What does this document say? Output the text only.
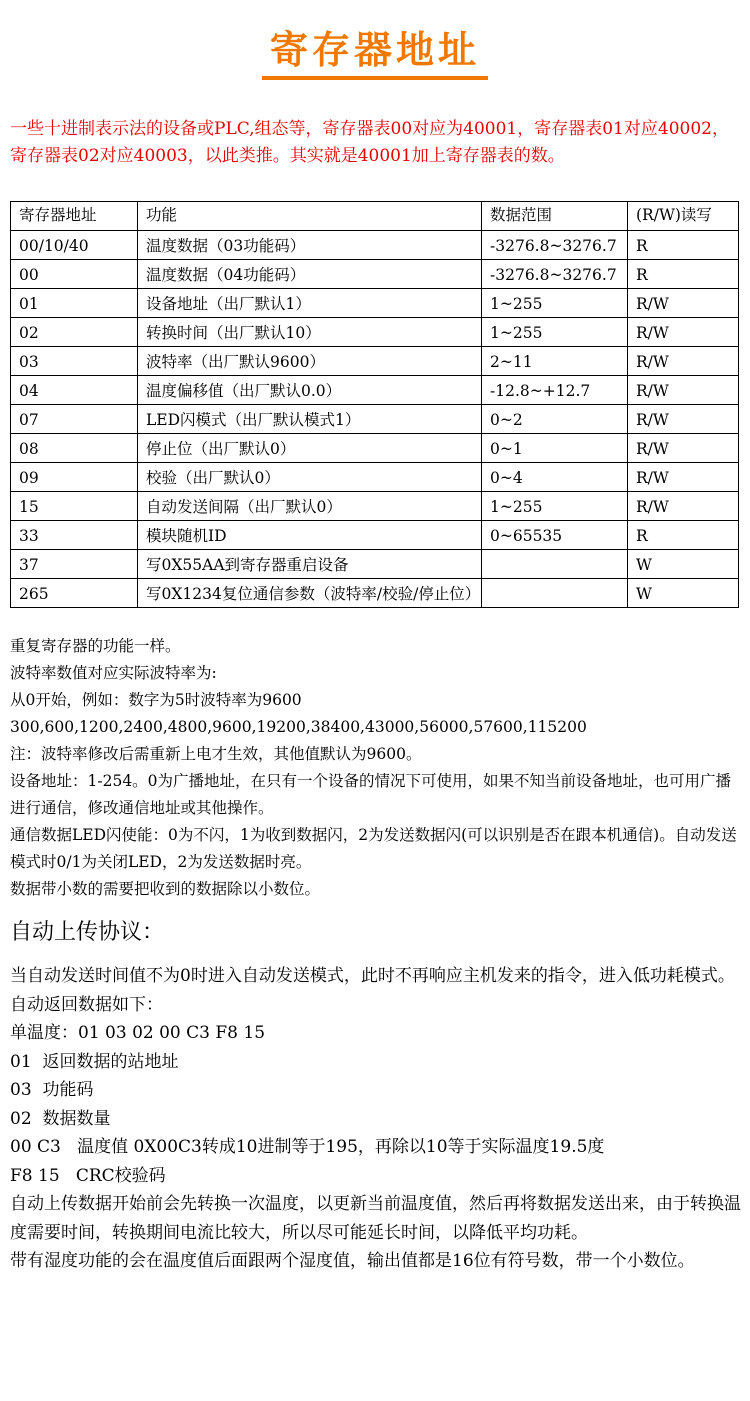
寄存器地址

一些十进制表示法的设备或PLC,组态等，寄存器表00对应为40001，寄存器表01对应40002，寄存器表02对应40003，以此类推。其实就是40001加上寄存器表的数。

寄存器地址	功能	数据范围	(R/W)读写
00/10/40	温度数据（03功能码）	-3276.8~3276.7	R
00	温度数据（04功能码）	-3276.8~3276.7	R
01	设备地址（出厂默认1）	1~255	R/W
02	转换时间（出厂默认10）	1~255	R/W
03	波特率（出厂默认9600）	2~11	R/W
04	温度偏移值（出厂默认0.0）	-12.8~+12.7	R/W
07	LED闪模式（出厂默认模式1）	0~2	R/W
08	停止位（出厂默认0）	0~1	R/W
09	校验（出厂默认0）	0~4	R/W
15	自动发送间隔（出厂默认0）	1~255	R/W
33	模块随机ID	0~65535	R
37	写0X55AA到寄存器重启设备		W
265	写0X1234复位通信参数（波特率/校验/停止位）		W

重复寄存器的功能一样。

波特率数值对应实际波特率为:

从0开始，例如：数字为5时波特率为9600

300,600,1200,2400,4800,9600,19200,38400,43000,56000,57600,115200

注：波特率修改后需重新上电才生效，其他值默认为9600。

设备地址：1-254。0为广播地址，在只有一个设备的情况下可使用，如果不知当前设备地址，也可用广播进行通信，修改通信地址或其他操作。

通信数据LED闪使能：0为不闪，1为收到数据闪，2为发送数据闪(可以识别是否在跟本机通信)。自动发送模式时0/1为关闭LED，2为发送数据时亮。

数据带小数的需要把收到的数据除以小数位。

自动上传协议：

当自动发送时间值不为0时进入自动发送模式，此时不再响应主机发来的指令，进入低功耗模式。

自动返回数据如下：

单温度：01 03 02 00 C3 F8 15

01  返回数据的站地址

03  功能码

02  数据数量

00 C3   温度值 0X00C3转成10进制等于195，再除以10等于实际温度19.5度

F8 15   CRC校验码

自动上传数据开始前会先转换一次温度，以更新当前温度值，然后再将数据发送出来，由于转换温度需要时间，转换期间电流比较大，所以尽可能延长时间，以降低平均功耗。

带有湿度功能的会在温度值后面跟两个湿度值，输出值都是16位有符号数，带一个小数位。
